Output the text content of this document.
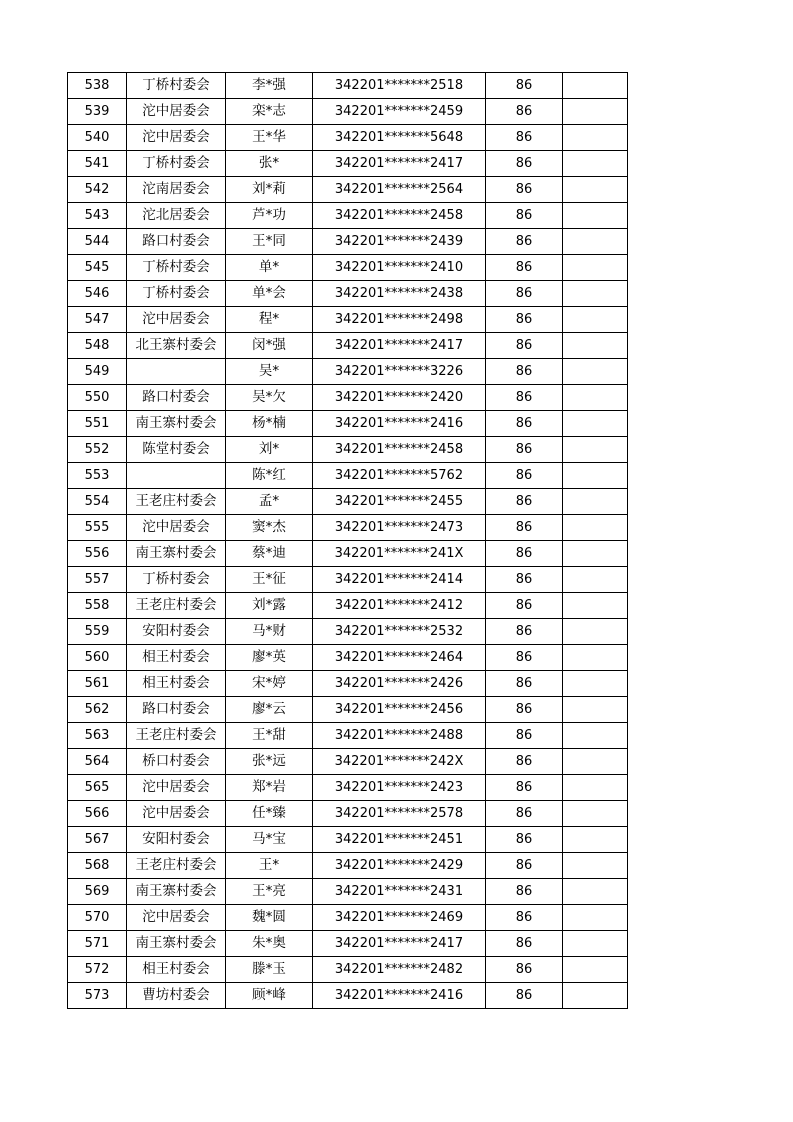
538	丁桥村委会	李*强	342201*******2518	86	
539	沱中居委会	栾*志	342201*******2459	86	
540	沱中居委会	王*华	342201*******5648	86	
541	丁桥村委会	张*	342201*******2417	86	
542	沱南居委会	刘*莉	342201*******2564	86	
543	沱北居委会	芦*功	342201*******2458	86	
544	路口村委会	王*同	342201*******2439	86	
545	丁桥村委会	单*	342201*******2410	86	
546	丁桥村委会	单*会	342201*******2438	86	
547	沱中居委会	程*	342201*******2498	86	
548	北王寨村委会	闵*强	342201*******2417	86	
549		吴*	342201*******3226	86	
550	路口村委会	吴*欠	342201*******2420	86	
551	南王寨村委会	杨*楠	342201*******2416	86	
552	陈堂村委会	刘*	342201*******2458	86	
553		陈*红	342201*******5762	86	
554	王老庄村委会	孟*	342201*******2455	86	
555	沱中居委会	窦*杰	342201*******2473	86	
556	南王寨村委会	蔡*迪	342201*******241X	86	
557	丁桥村委会	王*征	342201*******2414	86	
558	王老庄村委会	刘*露	342201*******2412	86	
559	安阳村委会	马*财	342201*******2532	86	
560	相王村委会	廖*英	342201*******2464	86	
561	相王村委会	宋*婷	342201*******2426	86	
562	路口村委会	廖*云	342201*******2456	86	
563	王老庄村委会	王*甜	342201*******2488	86	
564	桥口村委会	张*远	342201*******242X	86	
565	沱中居委会	郑*岩	342201*******2423	86	
566	沱中居委会	任*臻	342201*******2578	86	
567	安阳村委会	马*宝	342201*******2451	86	
568	王老庄村委会	王*	342201*******2429	86	
569	南王寨村委会	王*亮	342201*******2431	86	
570	沱中居委会	魏*圆	342201*******2469	86	
571	南王寨村委会	朱*奥	342201*******2417	86	
572	相王村委会	滕*玉	342201*******2482	86	
573	曹坊村委会	顾*峰	342201*******2416	86	
